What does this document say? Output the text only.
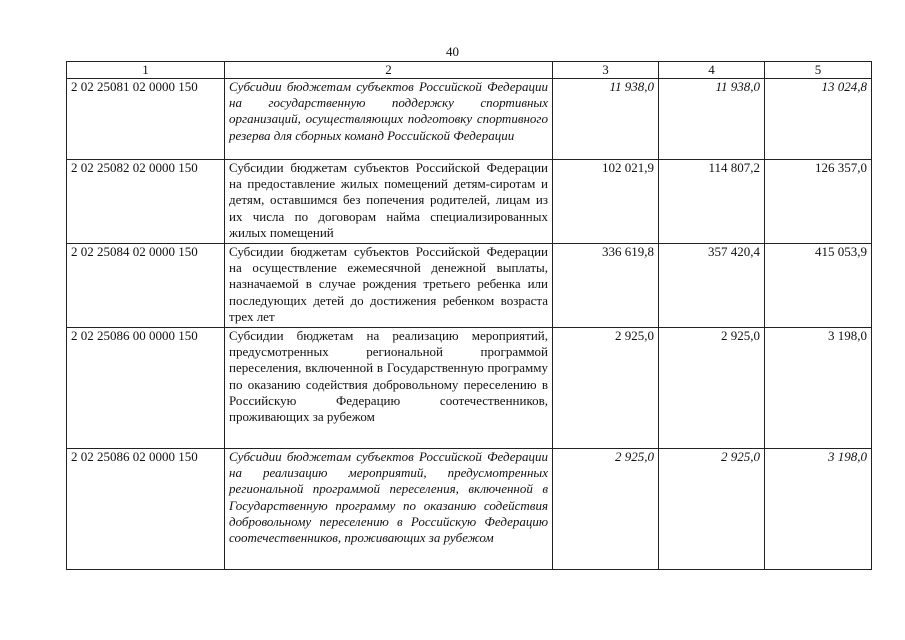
40
1	2	3	4	5
2 02 25081 02 0000 150	Субсидии бюджетам субъектов Российской Федерации на государственную поддержку спортивных организаций, осуществляющих подготовку спортивного резерва для сборных команд Российской Федерации	11 938,0	11 938,0	13 024,8
2 02 25082 02 0000 150	Субсидии бюджетам субъектов Российской Федерации на предоставление жилых помещений детям-сиротам и детям, оставшимся без попечения родителей, лицам из их числа по договорам найма специализированных жилых помещений	102 021,9	114 807,2	126 357,0
2 02 25084 02 0000 150	Субсидии бюджетам субъектов Российской Федерации на осуществление ежемесячной денежной выплаты, назначаемой в случае рождения третьего ребенка или последующих детей до достижения ребенком возраста трех лет	336 619,8	357 420,4	415 053,9
2 02 25086 00 0000 150	Субсидии бюджетам на реализацию мероприятий, предусмотренных региональной программой переселения, включенной в Государственную программу по оказанию содействия добровольному переселению в Российскую Федерацию соотечественников, проживающих за рубежом	2 925,0	2 925,0	3 198,0
2 02 25086 02 0000 150	Субсидии бюджетам субъектов Российской Федерации на реализацию мероприятий, предусмотренных региональной программой переселения, включенной в Государственную программу по оказанию содействия добровольному переселению в Российскую Федерацию соотечественников, проживающих за рубежом	2 925,0	2 925,0	3 198,0
